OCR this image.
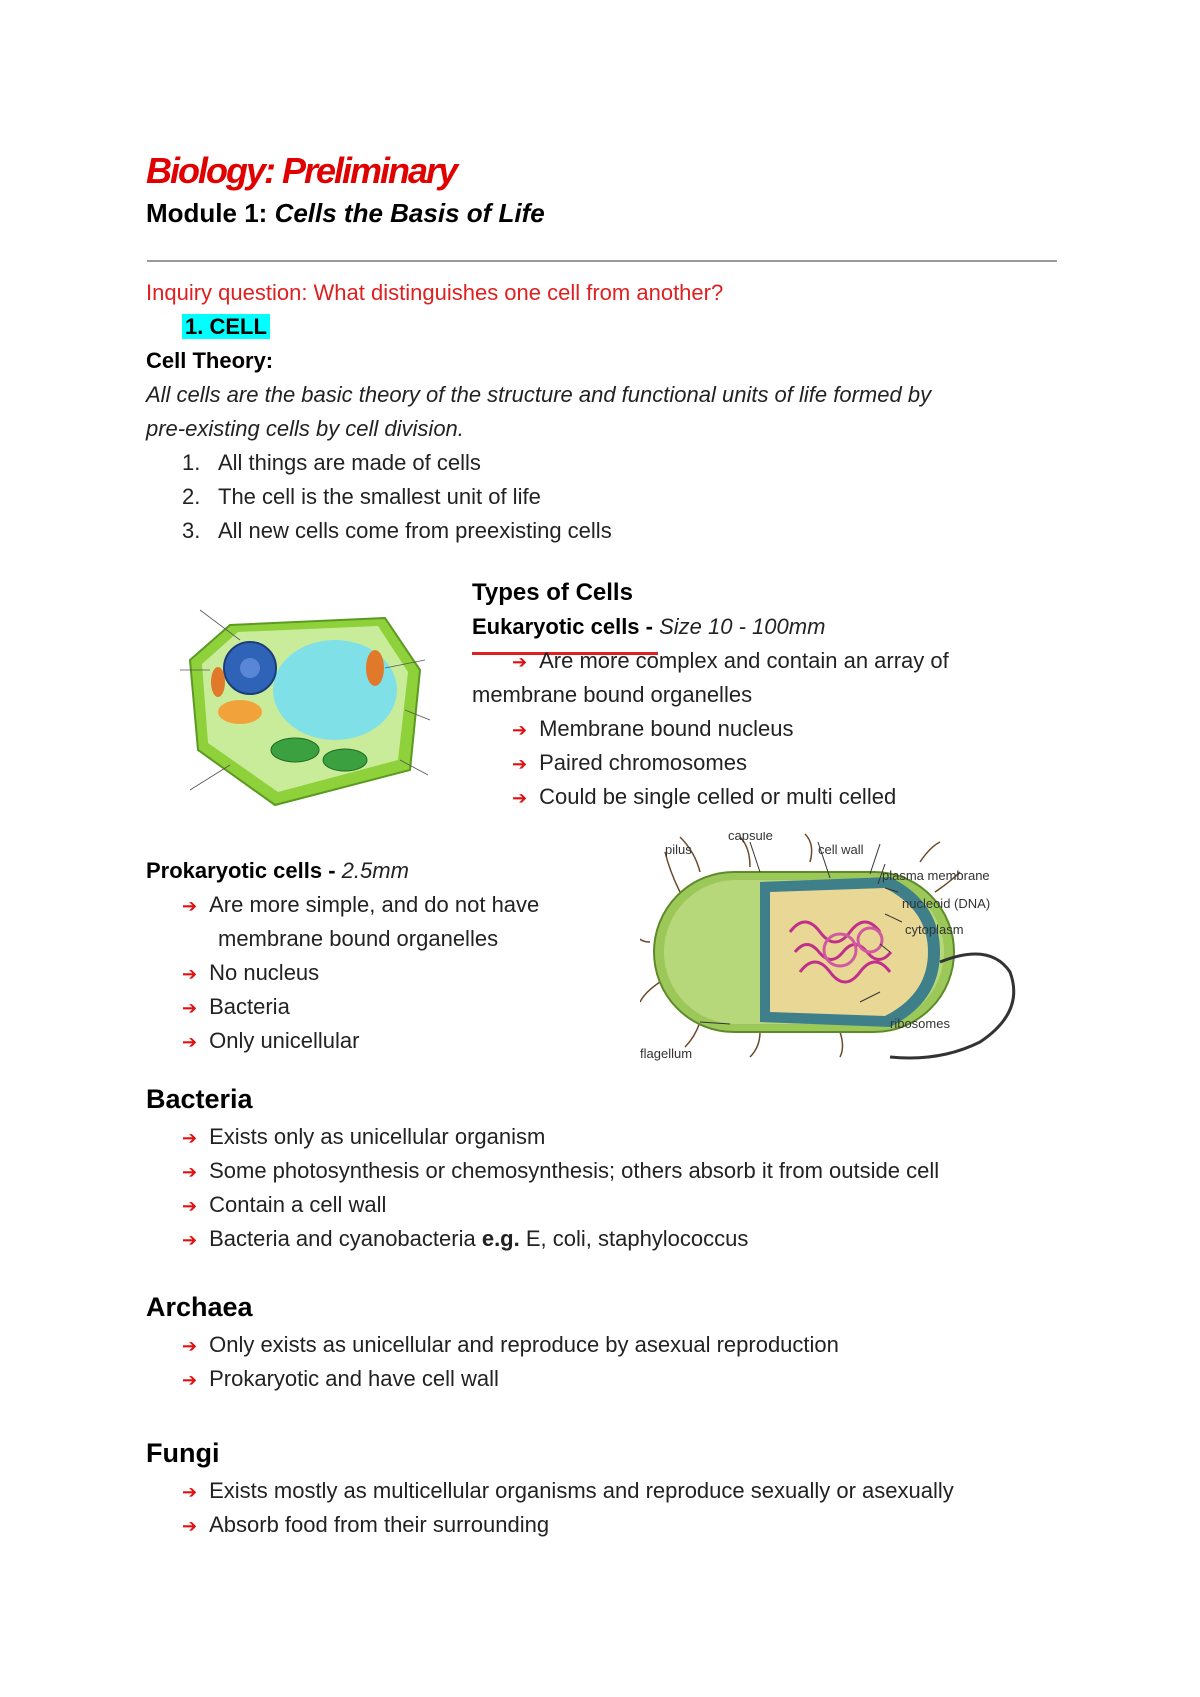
Biology: Preliminary
Module 1: Cells the Basis of Life
Inquiry question: What distinguishes one cell from another?
1. CELL
Cell Theory:
All cells are the basic theory of the structure and functional units of life formed by
pre-existing cells by cell division.
1. All things are made of cells
2. The cell is the smallest unit of life
3. All new cells come from preexisting cells
Types of Cells
Eukaryotic cells - Size 10 - 100mm
➔ Are more complex and contain an array of
membrane bound organelles
➔ Membrane bound nucleus
➔ Paired chromosomes
➔ Could be single celled or multi celled
Prokaryotic cells - 2.5mm
➔ Are more simple, and do not have
membrane bound organelles
➔ No nucleus
➔ Bacteria
➔ Only unicellular
pilus
capsule
cell wall
plasma membrane
nucleoid (DNA)
cytoplasm
ribosomes
flagellum
Bacteria
➔ Exists only as unicellular organism
➔ Some photosynthesis or chemosynthesis; others absorb it from outside cell
➔ Contain a cell wall
➔ Bacteria and cyanobacteria e.g. E, coli, staphylococcus
Archaea
➔ Only exists as unicellular and reproduce by asexual reproduction
➔ Prokaryotic and have cell wall
Fungi
➔ Exists mostly as multicellular organisms and reproduce sexually or asexually
➔ Absorb food from their surrounding
